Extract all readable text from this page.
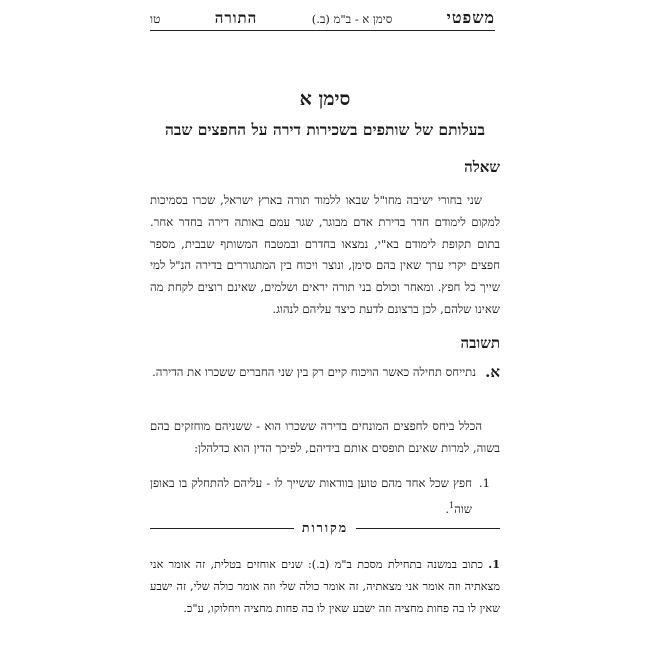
משפטי
סימן א - ב"מ (ב.)
התורה
טו
סימן א
בעלותם של שותפים בשכירות דירה על החפצים שבה
שאלה
שני בחורי ישיבה מחו"ל שבאו ללמוד תורה בארץ ישראל, שכרו בסמיכות למקום לימודם חדר בדירת אדם מבוגר, שגר עמם באותה דירה בחדר אחר. בתום תקופת לימודם בא"י, נמצאו בחדרם ובמטבח המשותף שבבית, מספר חפצים יקרי ערך שאין בהם סימן, ונוצר ויכוח בין המתגוררים בדירה הנ"ל למי שייך כל חפץ. ומאחר וכולם בני תורה יראים ושלמים, שאינם רוצים לקחת מה שאינו שלהם, לכן ברצונם לדעת כיצד עליהם לנהוג.
תשובה
א.
נתייחס תחילה כאשר הויכוח קיים רק בין שני החברים ששכרו את הדירה.
הכלל ביחס לחפצים המונחים בדירה ששכרו הוא - ששניהם מוחזקים בהם בשוה, למרות שאינם תופסים אותם בידיהם, לפיכך הדין הוא כדלהלן:
1.
חפץ שכל אחד מהם טוען בוודאות ששייך לו - עליהם להתחלק בו באופן שוה$^1$.
מקורות
1. כתוב במשנה בתחילת מסכת ב"מ (ב.): שנים אוחזים בטלית, זה אומר אני מצאתיה וזה אומר אני מצאתיה, זה אומר כולה שלי וזה אומר כולה שלי, זה ישבע שאין לו בה פחות מחציה וזה ישבע שאין לו בה פחות מחציה ויחלוקו, ע"כ.
